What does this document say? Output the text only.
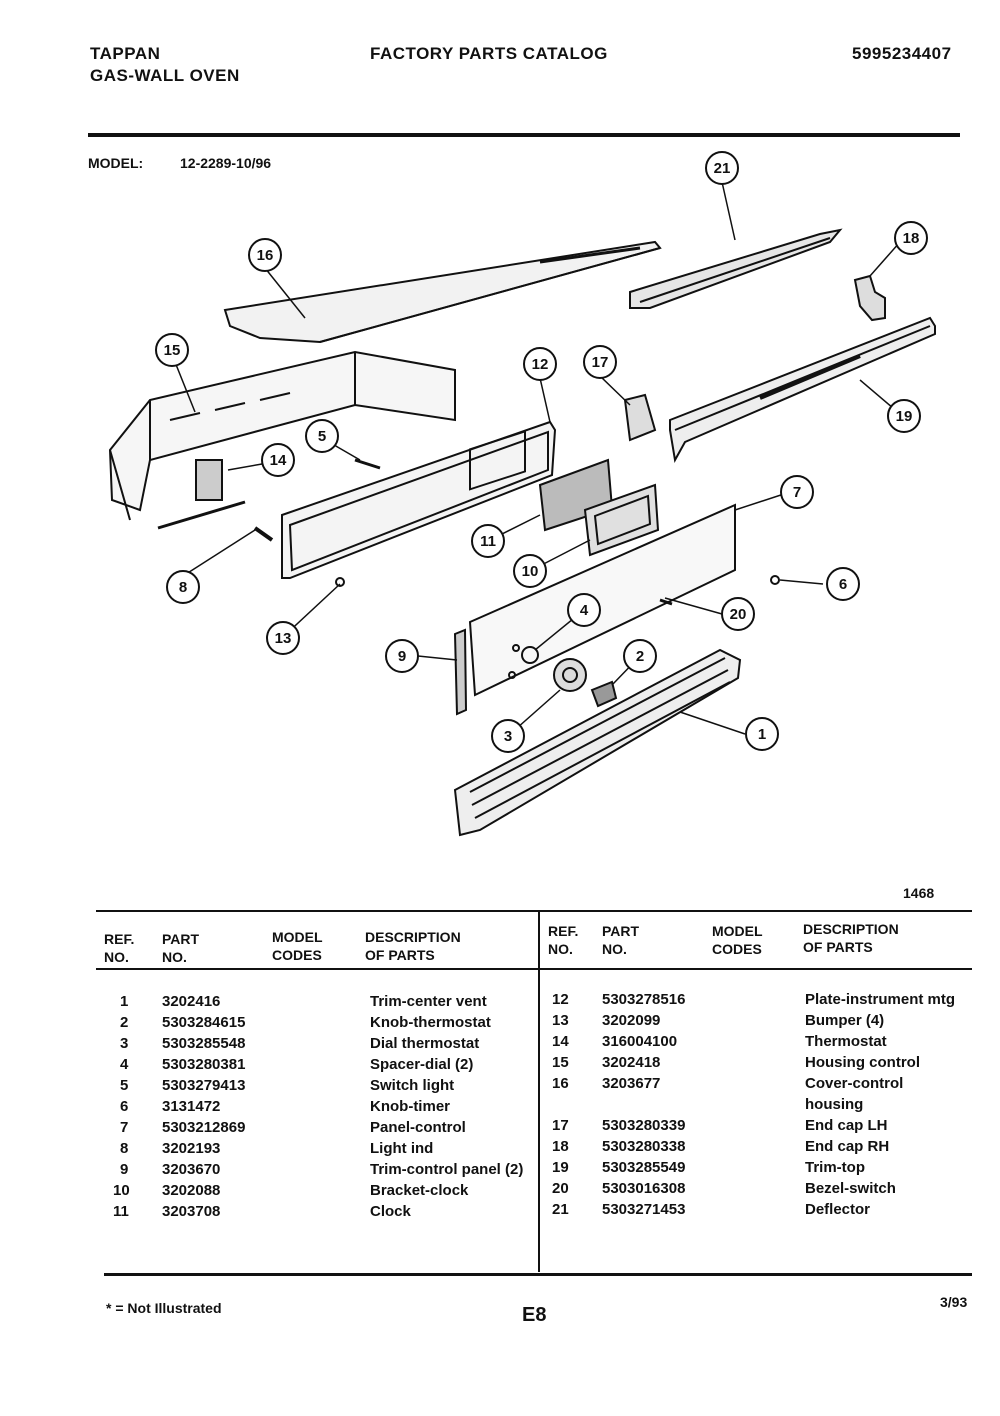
TAPPAN
GAS-WALL OVEN
FACTORY PARTS CATALOG	5995234407
MODEL:	12-2289-10/96
16
21
18
19
15
17
12
5
14
8
13
11
10
7
6
20
4
2
3
9
1
1468
REF.
NO.
PART
NO.
MODEL
CODES
DESCRIPTION
OF PARTS
REF.
NO.
PART
NO.
MODEL
CODES
DESCRIPTION
OF PARTS
1 3202416	Trim-center vent
2 5303284615	Knob-thermostat
3 5303285548	Dial thermostat
4 5303280381	Spacer-dial (2)
5 5303279413	Switch light
6 3131472	Knob-timer
7 5303212869	Panel-control
8 3202193	Light ind
9 3203670	Trim-control panel (2)
10 3202088	Bracket-clock
11 3203708	Clock
12 5303278516	Plate-instrument mtg
13 3202099	Bumper (4)
14 316004100	Thermostat
15 3202418	Housing control
16 3203677	Cover-control
housing
17 5303280339	End cap LH
18 5303280338	End cap RH
19 5303285549	Trim-top
20 5303016308	Bezel-switch
21 5303271453	Deflector
* = Not Illustrated	E8
3/93
